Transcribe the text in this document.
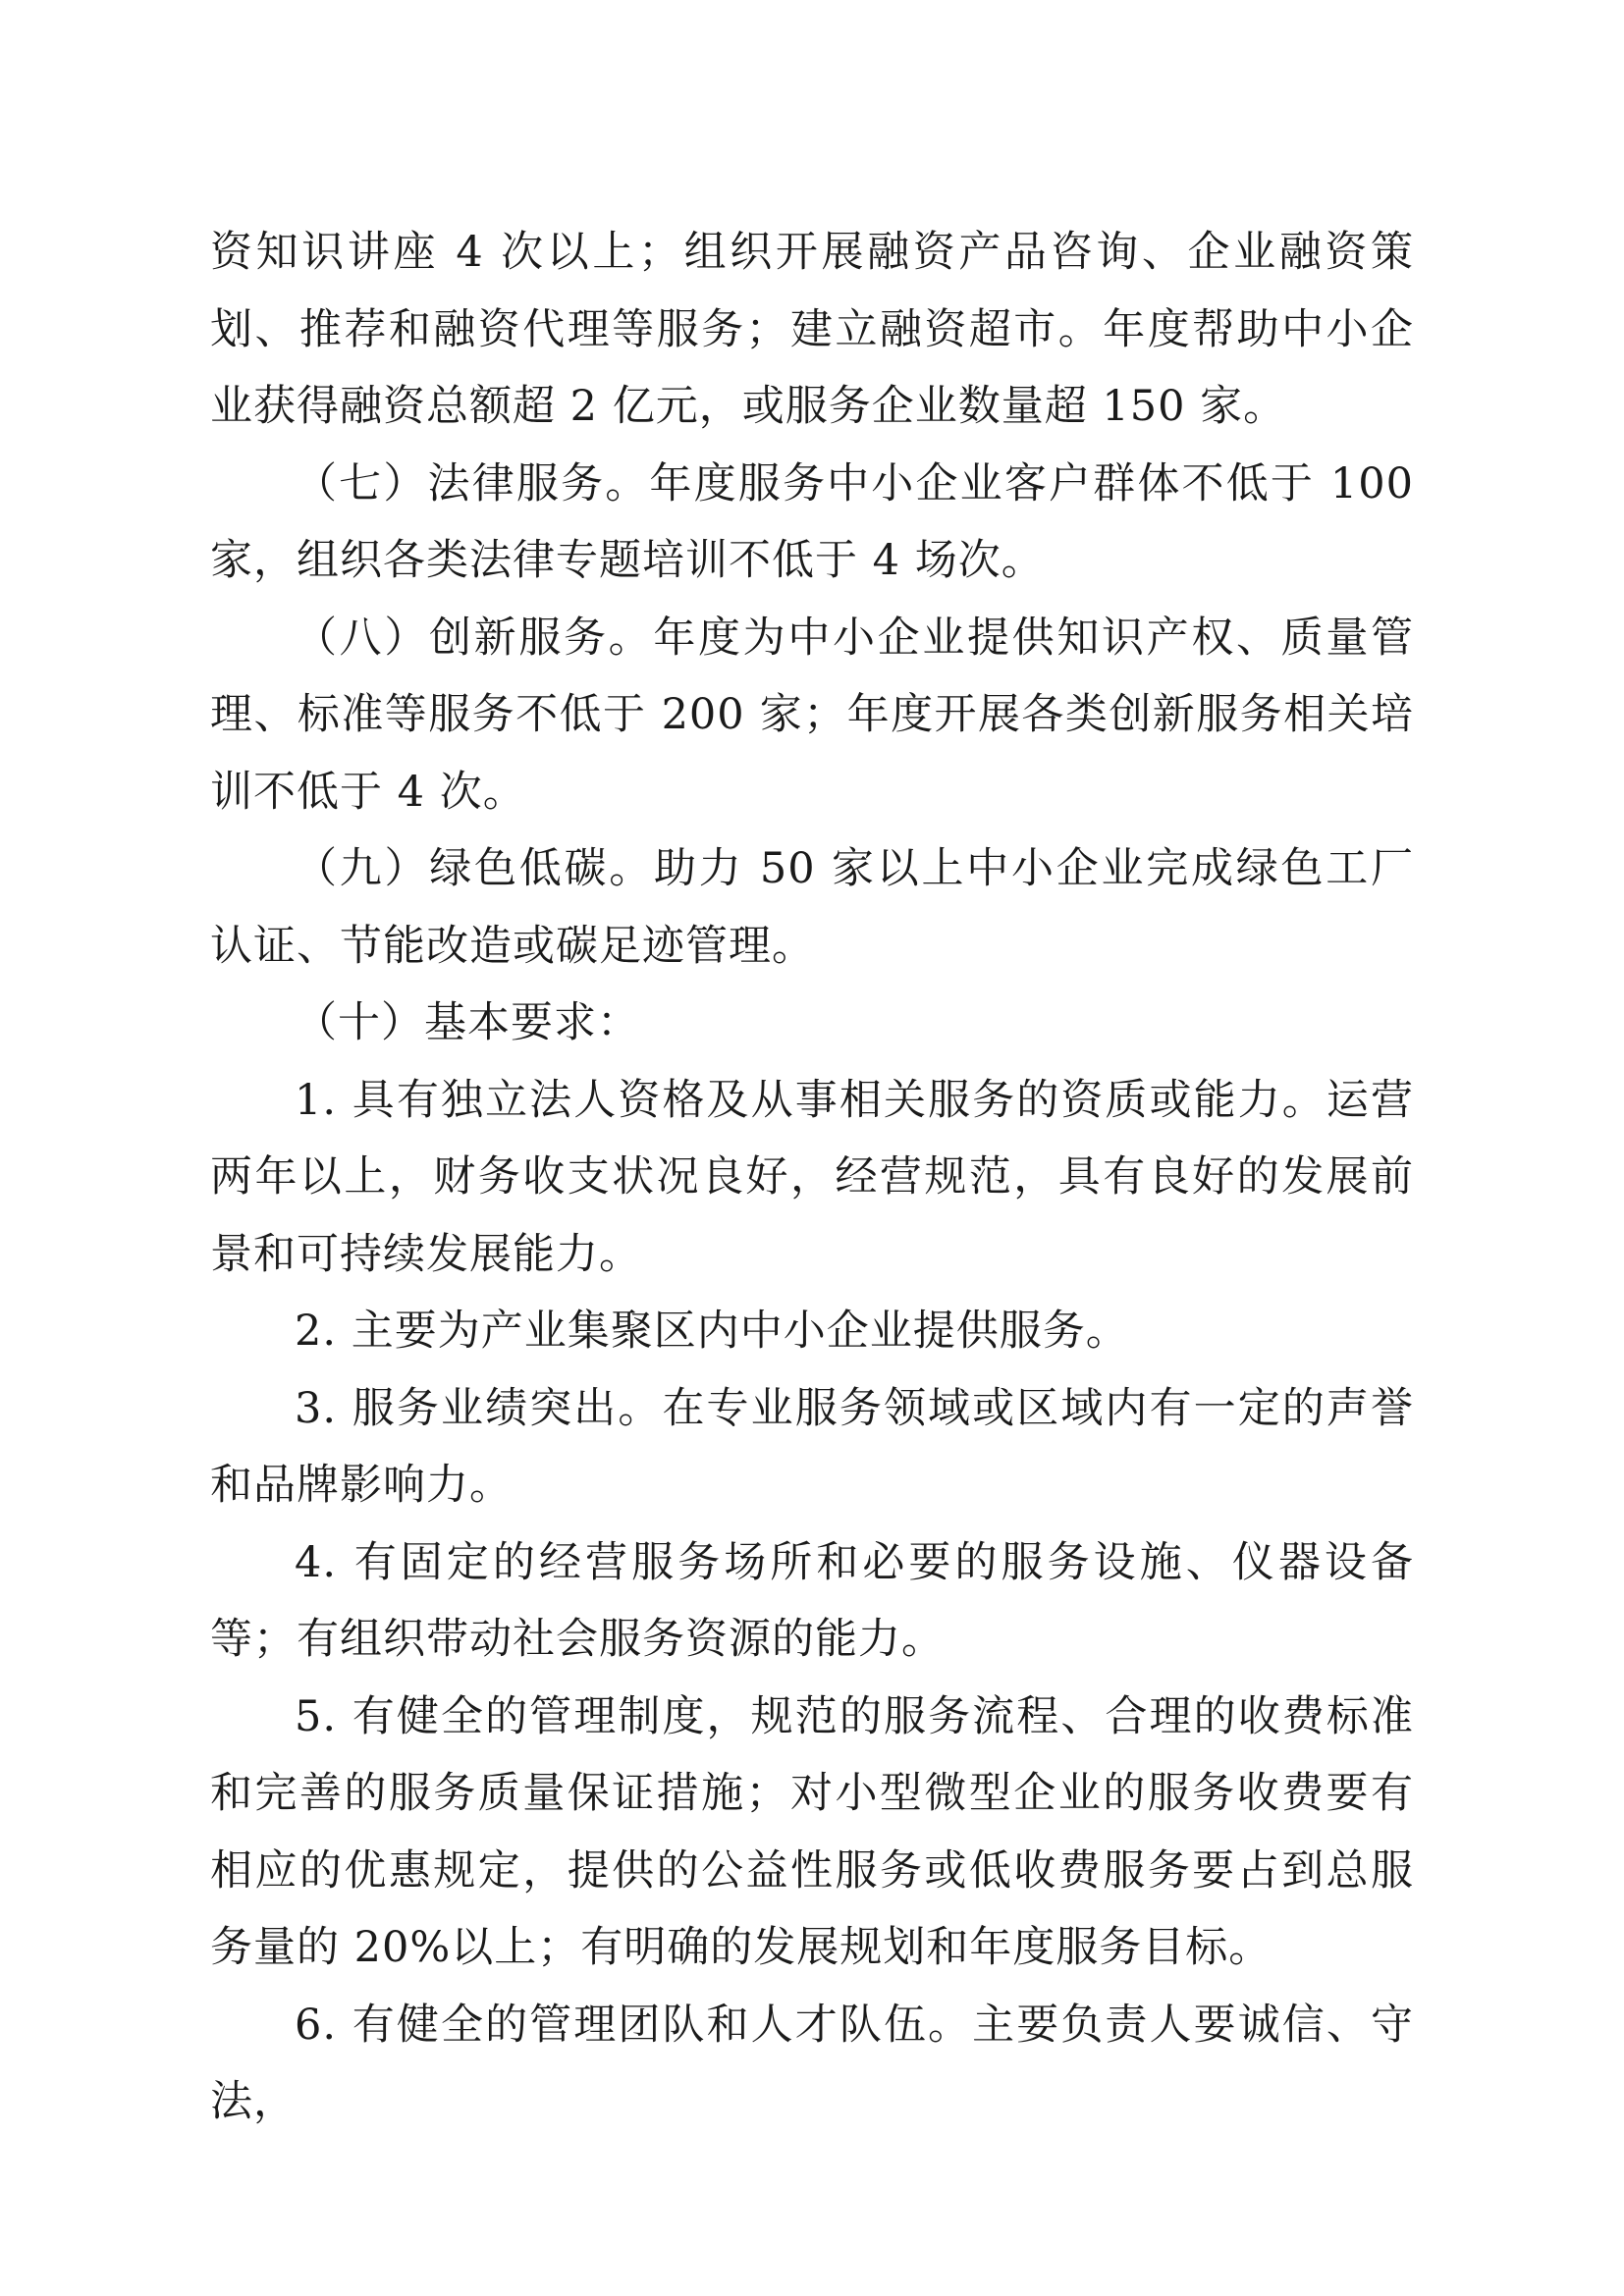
资知识讲座 4 次以上；组织开展融资产品咨询、企业融资策划、推荐和融资代理等服务；建立融资超市。年度帮助中小企业获得融资总额超 2 亿元，或服务企业数量超 150 家。

（七）法律服务。年度服务中小企业客户群体不低于 100 家，组织各类法律专题培训不低于 4 场次。

（八）创新服务。年度为中小企业提供知识产权、质量管理、标准等服务不低于 200 家；年度开展各类创新服务相关培训不低于 4 次。

（九）绿色低碳。助力 50 家以上中小企业完成绿色工厂认证、节能改造或碳足迹管理。

（十）基本要求：

1. 具有独立法人资格及从事相关服务的资质或能力。运营两年以上，财务收支状况良好，经营规范，具有良好的发展前景和可持续发展能力。

2. 主要为产业集聚区内中小企业提供服务。

3. 服务业绩突出。在专业服务领域或区域内有一定的声誉和品牌影响力。

4. 有固定的经营服务场所和必要的服务设施、仪器设备等；有组织带动社会服务资源的能力。

5. 有健全的管理制度，规范的服务流程、合理的收费标准和完善的服务质量保证措施；对小型微型企业的服务收费要有相应的优惠规定，提供的公益性服务或低收费服务要占到总服务量的 20%以上；有明确的发展规划和年度服务目标。

6. 有健全的管理团队和人才队伍。主要负责人要诚信、守法，
